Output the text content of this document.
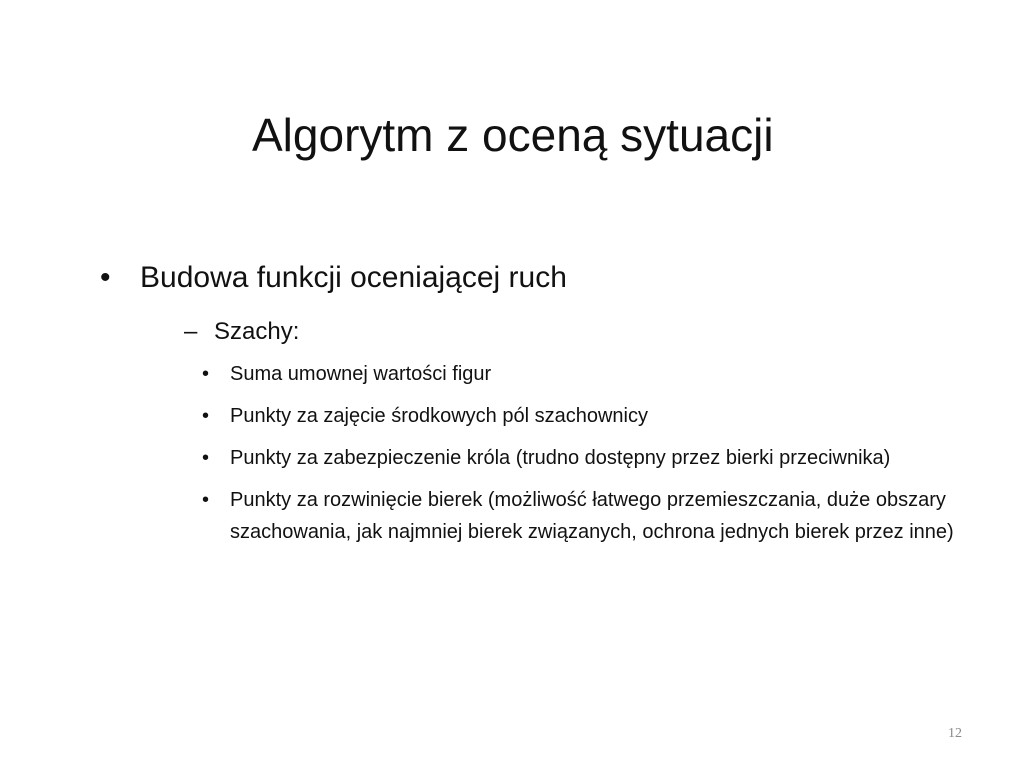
Algorytm z oceną sytuacji
• Budowa funkcji oceniającej ruch
– Szachy:
• Suma umownej wartości figur
• Punkty za zajęcie środkowych pól szachownicy
• Punkty za zabezpieczenie króla (trudno dostępny przez bierki przeciwnika)
• Punkty za rozwinięcie bierek (możliwość łatwego przemieszczania, duże obszary szachowania, jak najmniej bierek związanych, ochrona jednych bierek przez inne)
12
